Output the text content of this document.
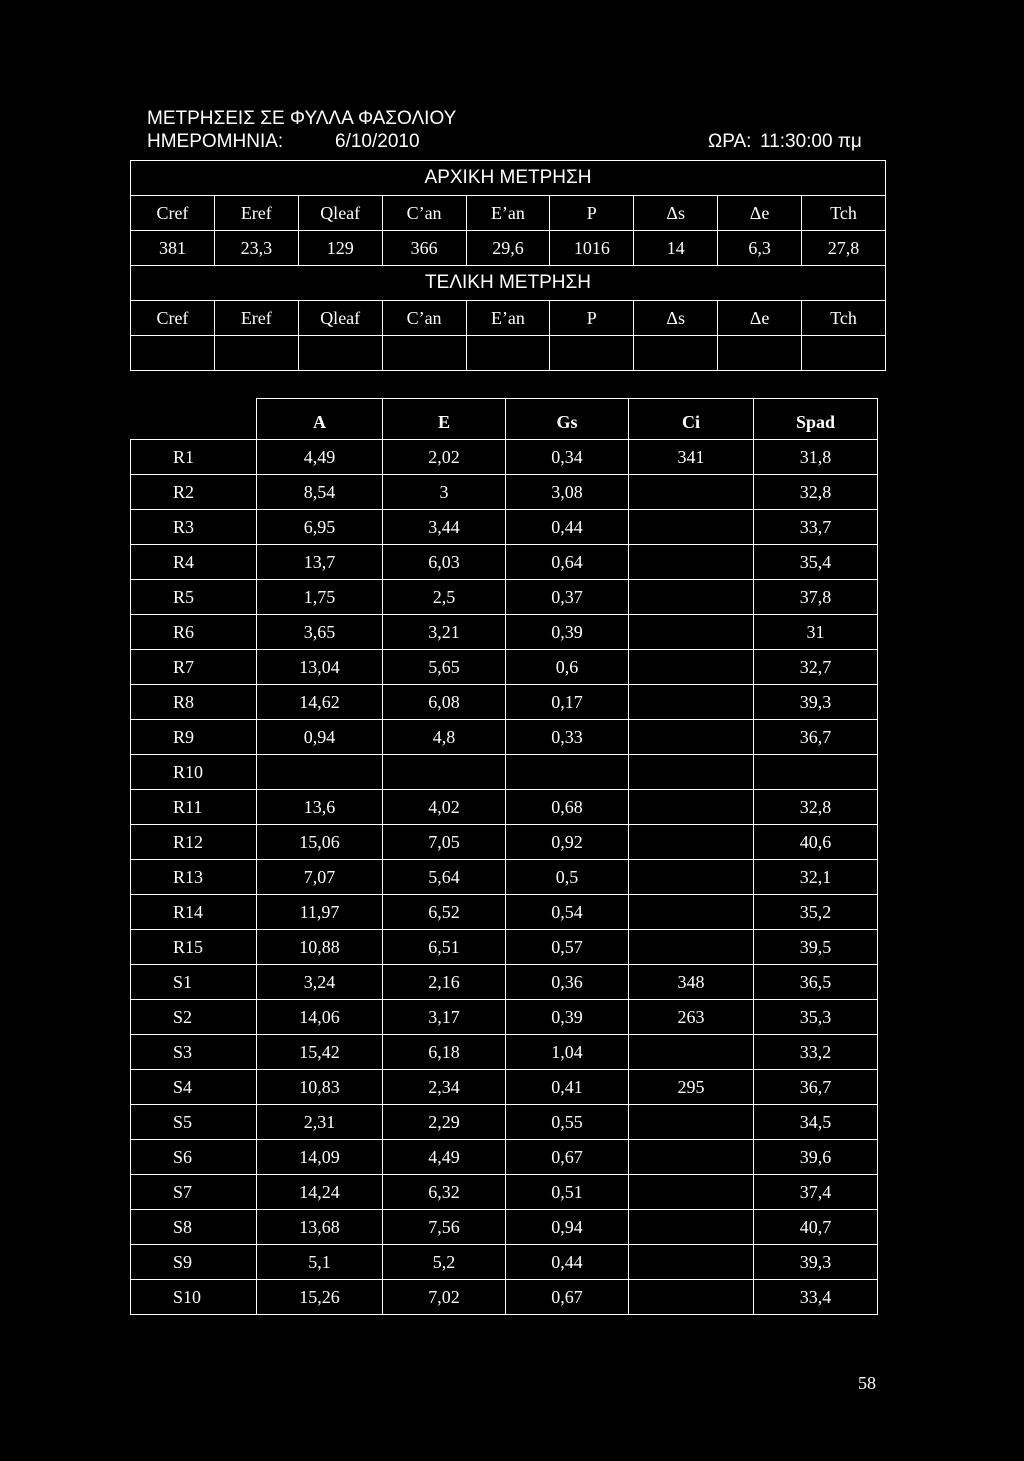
ΜΕΤΡΗΣΕΙΣ ΣΕ ΦΥΛΛΑ ΦΑΣΟΛΙΟΥ
ΗΜΕΡΟΜΗΝΙΑ:	6/10/2010	ΩΡΑ: 11:30:00 πμ
ΑΡΧΙΚΗ ΜΕΤΡΗΣΗ								
Cref	Eref	Qleaf	C’an	E’an	P	Δs	Δe	Tch
381	23,3	129	366	29,6	1016	14	6,3	27,8
ΤΕΛΙΚΗ ΜΕΤΡΗΣΗ								
Cref	Eref	Qleaf	C’an	E’an	P	Δs	Δe	Tch

	A	E	Gs	Ci	Spad
R1	4,49	2,02	0,34	341	31,8
R2	8,54	3	3,08		32,8
R3	6,95	3,44	0,44		33,7
R4	13,7	6,03	0,64		35,4
R5	1,75	2,5	0,37		37,8
R6	3,65	3,21	0,39		31
R7	13,04	5,65	0,6		32,7
R8	14,62	6,08	0,17		39,3
R9	0,94	4,8	0,33		36,7
R10					
R11	13,6	4,02	0,68		32,8
R12	15,06	7,05	0,92		40,6
R13	7,07	5,64	0,5		32,1
R14	11,97	6,52	0,54		35,2
R15	10,88	6,51	0,57		39,5
S1	3,24	2,16	0,36	348	36,5
S2	14,06	3,17	0,39	263	35,3
S3	15,42	6,18	1,04		33,2
S4	10,83	2,34	0,41	295	36,7
S5	2,31	2,29	0,55		34,5
S6	14,09	4,49	0,67		39,6
S7	14,24	6,32	0,51		37,4
S8	13,68	7,56	0,94		40,7
S9	5,1	5,2	0,44		39,3
S10	15,26	7,02	0,67		33,4
58
